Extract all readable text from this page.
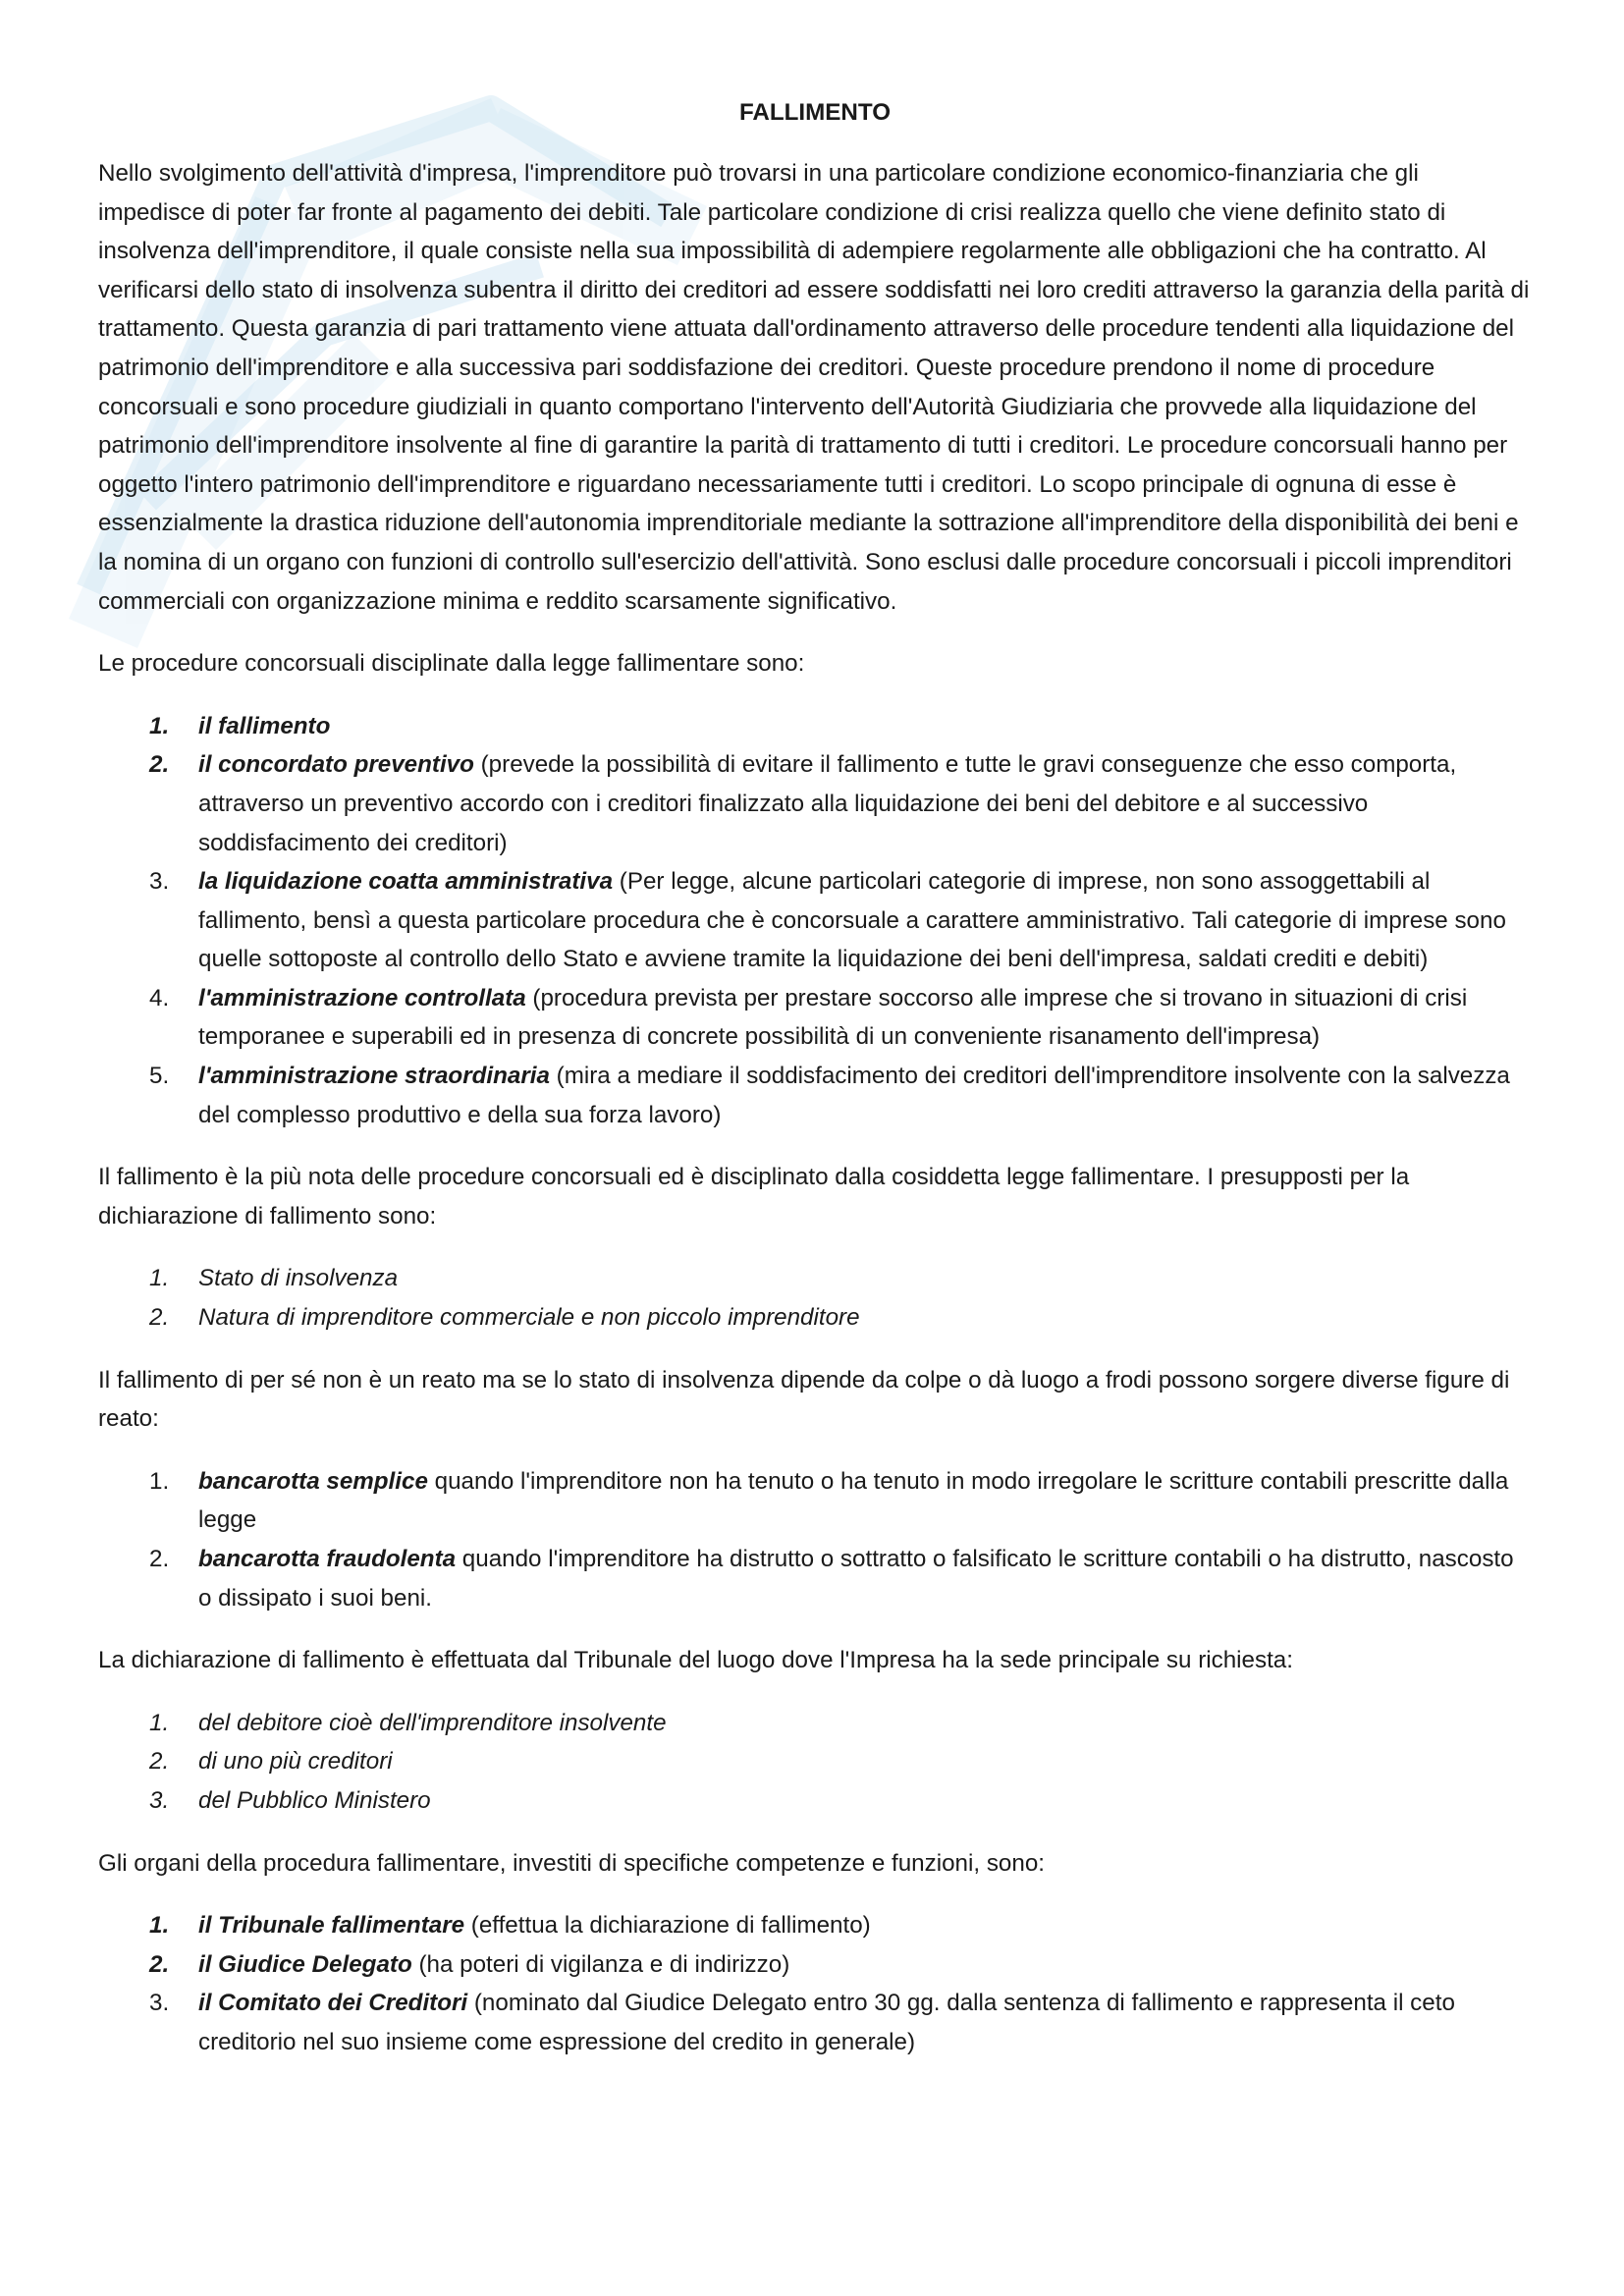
FALLIMENTO

Nello svolgimento dell'attività d'impresa, l'imprenditore può trovarsi in una particolare condizione economico-finanziaria che gli impedisce di poter far fronte al pagamento dei debiti. Tale particolare condizione di crisi realizza quello che viene definito stato di insolvenza dell'imprenditore, il quale consiste nella sua impossibilità di adempiere regolarmente alle obbligazioni che ha contratto. Al verificarsi dello stato di insolvenza subentra il diritto dei creditori ad essere soddisfatti nei loro crediti attraverso la garanzia della parità di trattamento. Questa garanzia di pari trattamento viene attuata dall'ordinamento attraverso delle procedure tendenti alla liquidazione del patrimonio dell'imprenditore e alla successiva pari soddisfazione dei creditori. Queste procedure prendono il nome di procedure concorsuali e sono procedure giudiziali in quanto comportano l'intervento dell'Autorità Giudiziaria che provvede alla liquidazione del patrimonio dell'imprenditore insolvente al fine di garantire la parità di trattamento di tutti i creditori. Le procedure concorsuali hanno per oggetto l'intero patrimonio dell'imprenditore e riguardano necessariamente tutti i creditori. Lo scopo principale di ognuna di esse è essenzialmente la drastica riduzione dell'autonomia imprenditoriale mediante la sottrazione all'imprenditore della disponibilità dei beni e la nomina di un organo con funzioni di controllo sull'esercizio dell'attività. Sono esclusi dalle procedure concorsuali i piccoli imprenditori commerciali con organizzazione minima e reddito scarsamente significativo.

Le procedure concorsuali disciplinate dalla legge fallimentare sono:

1. il fallimento
2. il concordato preventivo (prevede la possibilità di evitare il fallimento e tutte le gravi conseguenze che esso comporta, attraverso un preventivo accordo con i creditori finalizzato alla liquidazione dei beni del debitore e al successivo soddisfacimento dei creditori)
3. la liquidazione coatta amministrativa (Per legge, alcune particolari categorie di imprese, non sono assoggettabili al fallimento, bensì a questa particolare procedura che è concorsuale a carattere amministrativo. Tali categorie di imprese sono quelle sottoposte al controllo dello Stato e avviene tramite la liquidazione dei beni dell'impresa, saldati crediti e debiti)
4. l'amministrazione controllata (procedura prevista per prestare soccorso alle imprese che si trovano in situazioni di crisi temporanee e superabili ed in presenza di concrete possibilità di un conveniente risanamento dell'impresa)
5. l'amministrazione straordinaria (mira a mediare il soddisfacimento dei creditori dell'imprenditore insolvente con la salvezza del complesso produttivo e della sua forza lavoro)

Il fallimento è la più nota delle procedure concorsuali ed è disciplinato dalla cosiddetta legge fallimentare. I presupposti per la dichiarazione di fallimento sono:

1. Stato di insolvenza
2. Natura di imprenditore commerciale e non piccolo imprenditore

Il fallimento di per sé non è un reato ma se lo stato di insolvenza dipende da colpe o dà luogo a frodi possono sorgere diverse figure di reato:

1. bancarotta semplice quando l'imprenditore non ha tenuto o ha tenuto in modo irregolare le scritture contabili prescritte dalla legge
2. bancarotta fraudolenta quando l'imprenditore ha distrutto o sottratto o falsificato le scritture contabili o ha distrutto, nascosto o dissipato i suoi beni.

La dichiarazione di fallimento è effettuata dal Tribunale del luogo dove l'Impresa ha la sede principale su richiesta:

1. del debitore cioè dell'imprenditore insolvente
2. di uno più creditori
3. del Pubblico Ministero

Gli organi della procedura fallimentare, investiti di specifiche competenze e funzioni, sono:

1. il Tribunale fallimentare (effettua la dichiarazione di fallimento)
2. il Giudice Delegato (ha poteri di vigilanza e di indirizzo)
3. il Comitato dei Creditori (nominato dal Giudice Delegato entro 30 gg. dalla sentenza di fallimento e rappresenta il ceto creditorio nel suo insieme come espressione del credito in generale)
